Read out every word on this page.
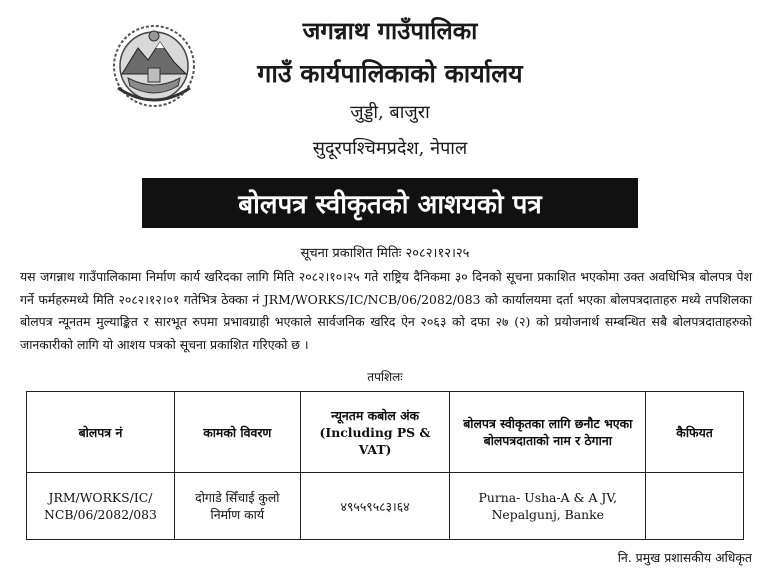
जगन्नाथ गाउँपालिका
गाउँ कार्यपालिकाको कार्यालय
जुड्डी, बाजुरा
सुदूरपश्चिमप्रदेश, नेपाल
बोलपत्र स्वीकृतको आशयको पत्र
सूचना प्रकाशित मितिः २०८२।१२।२५
यस जगन्नाथ गाउँपालिकामा निर्माण कार्य खरिदका लागि मिति २०८२।१०।२५ गते राष्ट्रिय दैनिकमा ३० दिनको सूचना प्रकाशित भएकोमा उक्त अवधिभित्र बोलपत्र पेश गर्ने फर्महरुमध्ये मिति २०८२।१२।०१ गतेभित्र ठेक्का नं JRM/WORKS/IC/NCB/06/2082/083 को कार्यालयमा दर्ता भएका बोलपत्रदाताहरु मध्ये तपशिलका बोलपत्र न्यूनतम मुल्याङ्कित र सारभूत रुपमा प्रभावग्राही भएकाले सार्वजनिक खरिद ऐन २०६३ को दफा २७ (२) को प्रयोजनार्थ सम्बन्धित सबै बोलपत्रदाताहरुको जानकारीको लागि यो आशय पत्रको सूचना प्रकाशित गरिएको छ ।
तपशिलः
बोलपत्र नं	कामको विवरण	न्यूनतम कबोल अंक (Including PS & VAT)	बोलपत्र स्वीकृतका लागि छनौट भएका बोलपत्रदाताको नाम र ठेगाना	कैफियत
JRM/WORKS/IC/ NCB/06/2082/083	दोगाडे सिँचाई कुलो निर्माण कार्य	४९५५९५८३।६४	Purna- Usha-A & A JV, Nepalgunj, Banke	
नि. प्रमुख प्रशासकीय अधिकृत
